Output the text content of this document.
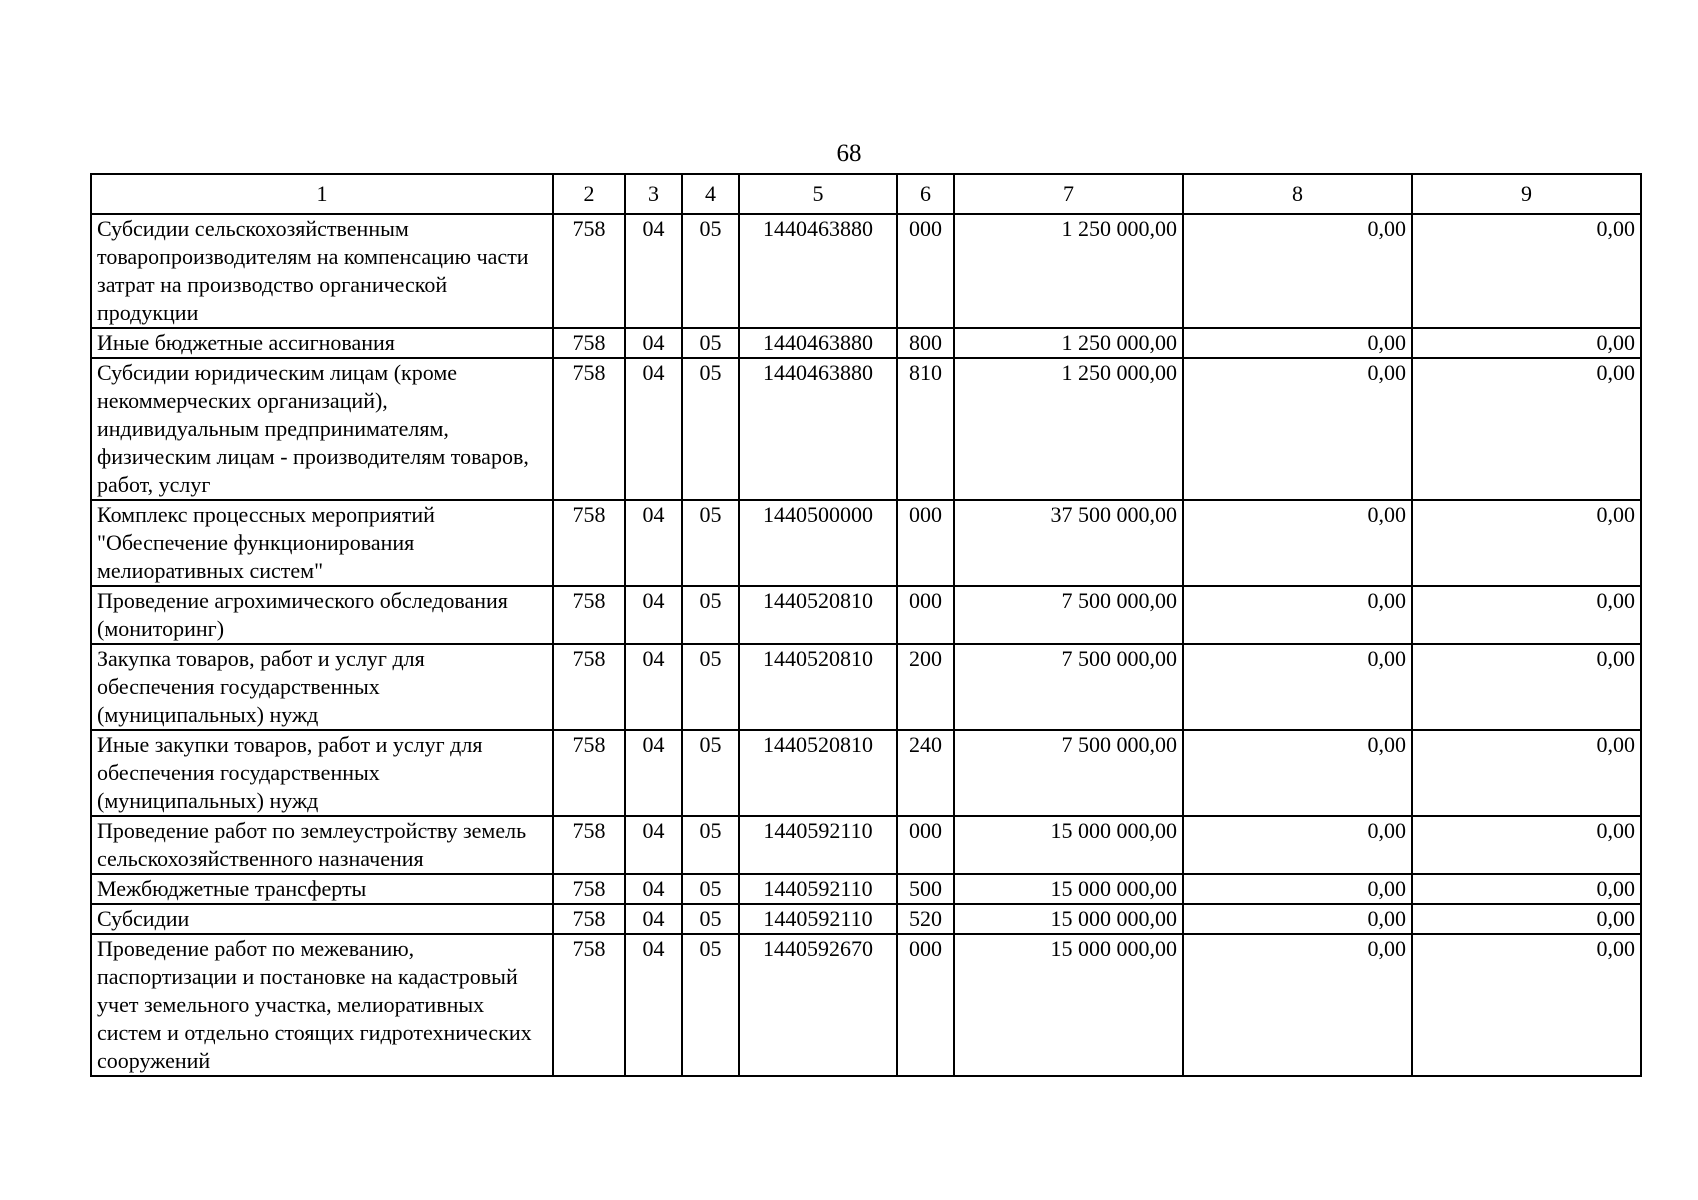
68
1	2	3	4	5	6	7	8	9
Субсидии сельскохозяйственным товаропроизводителям на компенсацию части затрат на производство органической продукции	758	04	05	1440463880	000	1 250 000,00	0,00	0,00
Иные бюджетные ассигнования	758	04	05	1440463880	800	1 250 000,00	0,00	0,00
Субсидии юридическим лицам (кроме некоммерческих организаций), индивидуальным предпринимателям, физическим лицам - производителям товаров, работ, услуг	758	04	05	1440463880	810	1 250 000,00	0,00	0,00
Комплекс процессных мероприятий "Обеспечение функционирования мелиоративных систем"	758	04	05	1440500000	000	37 500 000,00	0,00	0,00
Проведение агрохимического обследования (мониторинг)	758	04	05	1440520810	000	7 500 000,00	0,00	0,00
Закупка товаров, работ и услуг для обеспечения государственных (муниципальных) нужд	758	04	05	1440520810	200	7 500 000,00	0,00	0,00
Иные закупки товаров, работ и услуг для обеспечения государственных (муниципальных) нужд	758	04	05	1440520810	240	7 500 000,00	0,00	0,00
Проведение работ по землеустройству земель сельскохозяйственного назначения	758	04	05	1440592110	000	15 000 000,00	0,00	0,00
Межбюджетные трансферты	758	04	05	1440592110	500	15 000 000,00	0,00	0,00
Субсидии	758	04	05	1440592110	520	15 000 000,00	0,00	0,00
Проведение работ по межеванию, паспортизации и постановке на кадастровый учет земельного участка, мелиоративных систем и отдельно стоящих гидротехнических сооружений	758	04	05	1440592670	000	15 000 000,00	0,00	0,00
